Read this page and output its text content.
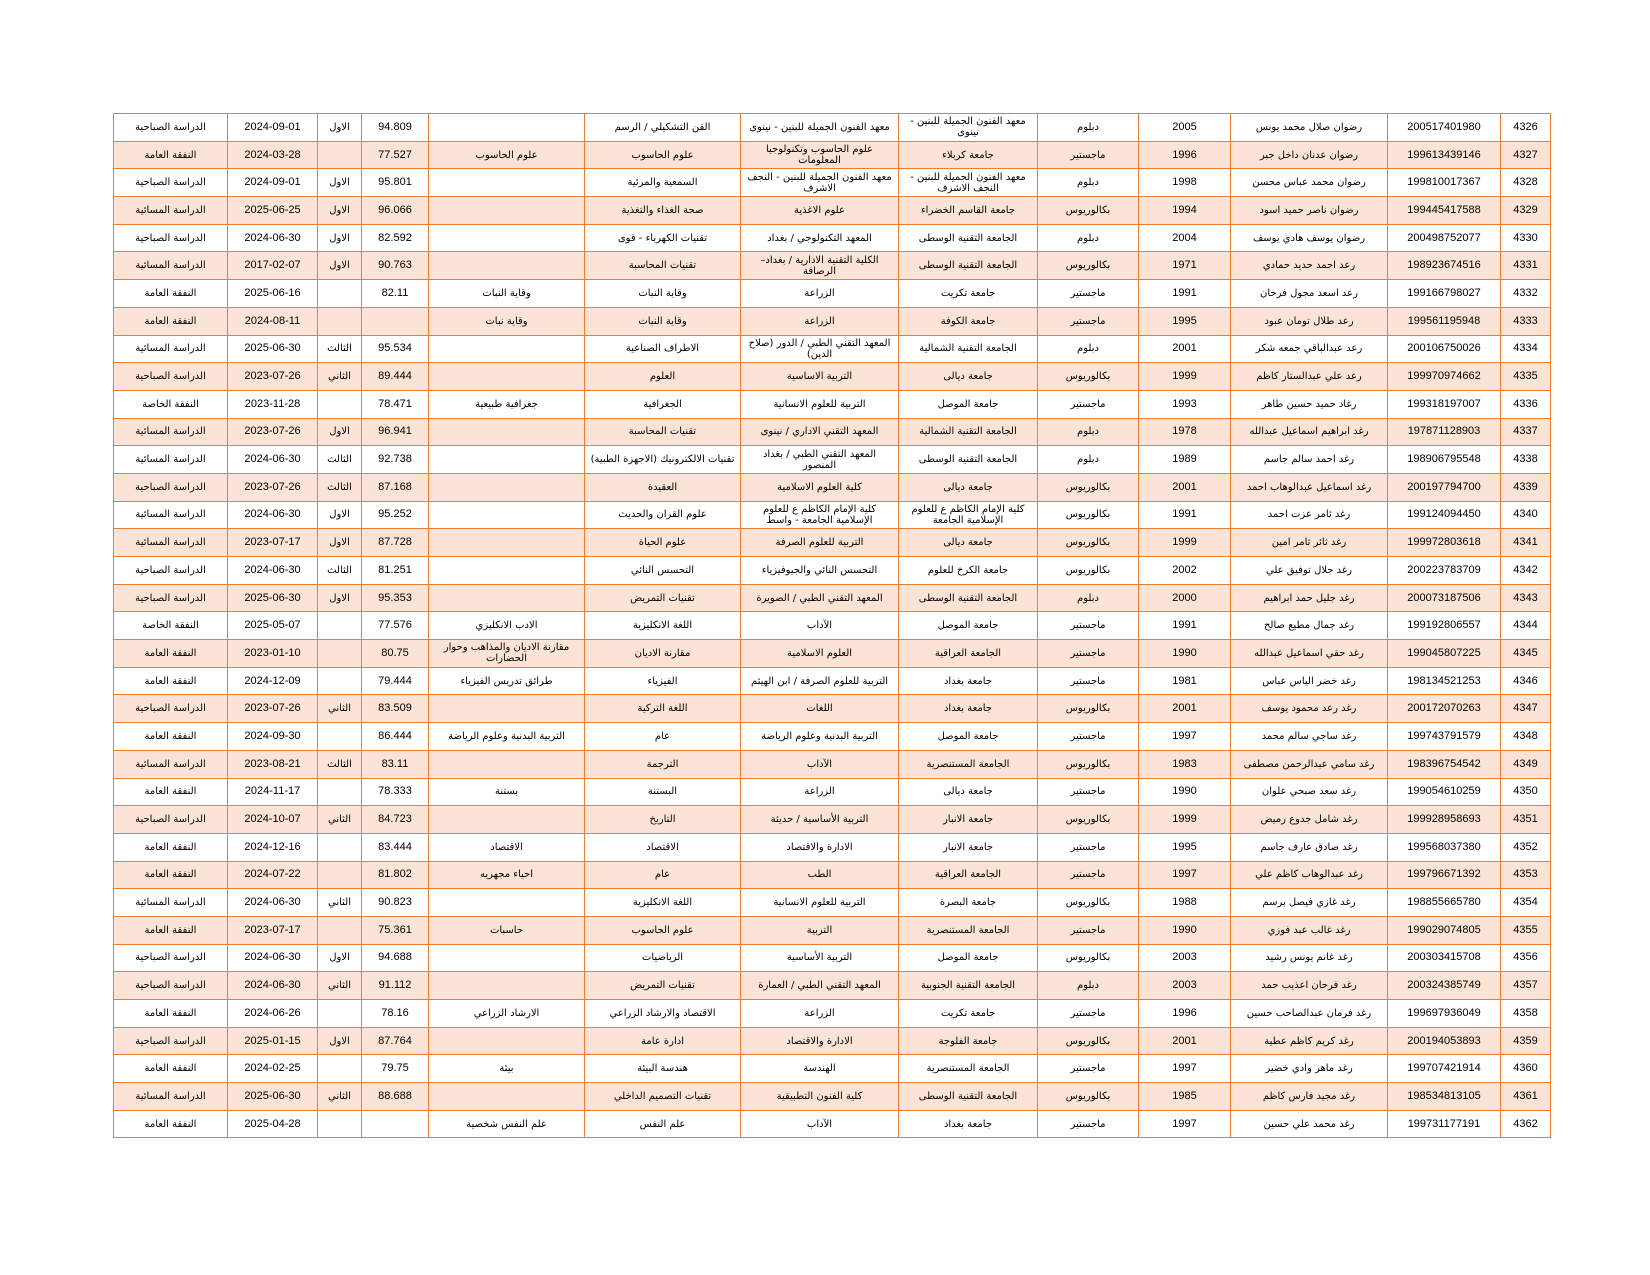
4326	200517401980	رضوان صلال محمد يونس	2005	دبلوم	معهد الفنون الجميلة للبنين - نينوى	معهد الفنون الجميلة للبنين - نينوى	الفن التشكيلي / الرسم		94.809	الاول	2024-09-01	الدراسة الصباحية
4327	199613439146	رضوان عدنان داخل جبر	1996	ماجستير	جامعة كربلاء	علوم الحاسوب وتكنولوجيا المعلومات	علوم الحاسوب	علوم الحاسوب	77.527		2024-03-28	النفقة العامة
4328	199810017367	رضوان محمد عباس محسن	1998	دبلوم	معهد الفنون الجميلة للبنين - النجف الاشرف	معهد الفنون الجميلة للبنين - النجف الاشرف	السمعية والمرئية		95.801	الاول	2024-09-01	الدراسة الصباحية
4329	199445417588	رضوان ناصر حميد اسود	1994	بكالوريوس	جامعة القاسم الخضراء	علوم الاغذية	صحة الغذاء والتغذية		96.066	الاول	2025-06-25	الدراسة المسائية
4330	200498752077	رضوان يوسف هادي يوسف	2004	دبلوم	الجامعة التقنية الوسطى	المعهد التكنولوجي / بغداد	تقنيات الكهرباء - قوى		82.592	الاول	2024-06-30	الدراسة الصباحية
4331	198923674516	رعد احمد حديد حمادي	1971	بكالوريوس	الجامعة التقنية الوسطى	الكلية التقنية الادارية / بغداد– الرصافة	تقنيات المحاسبة		90.763	الاول	2017-02-07	الدراسة المسائية
4332	199166798027	رعد اسعد مجول فرحان	1991	ماجستير	جامعة تكريت	الزراعة	وقاية النبات	وقاية النبات	82.11		2025-06-16	النفقة العامة
4333	199561195948	رعد طلال تومان عبود	1995	ماجستير	جامعة الكوفة	الزراعة	وقاية النبات	وقاية نبات			2024-08-11	النفقة العامة
4334	200106750026	رعد عبدالباقي جمعه شكر	2001	دبلوم	الجامعة التقنية الشمالية	المعهد التقني الطبي / الدور (صلاح الدين)	الاطراف الصناعية		95.534	الثالث	2025-06-30	الدراسة المسائية
4335	199970974662	رعد علي عبدالستار كاظم	1999	بكالوريوس	جامعة ديالى	التربية الاساسية	العلوم		89.444	الثاني	2023-07-26	الدراسة الصباحية
4336	199318197007	رغاد حميد حسين طاهر	1993	ماجستير	جامعة الموصل	التربية للعلوم الانسانية	الجغرافية	جغرافية طبيعية	78.471		2023-11-28	النفقة الخاصة
4337	197871128903	رغد ابراهيم اسماعيل عبدالله	1978	دبلوم	الجامعة التقنية الشمالية	المعهد التقني الاداري / نينوى	تقنيات المحاسبة		96.941	الاول	2023-07-26	الدراسة المسائية
4338	198906795548	رغد احمد سالم جاسم	1989	دبلوم	الجامعة التقنية الوسطى	المعهد التقني الطبي / بغداد المنصور	تقنيات الالكترونيك (الاجهزة الطبية)		92.738	الثالث	2024-06-30	الدراسة المسائية
4339	200197794700	رغد اسماعيل عبدالوهاب احمد	2001	بكالوريوس	جامعة ديالى	كلية العلوم الاسلامية	العقيدة		87.168	الثالث	2023-07-26	الدراسة الصباحية
4340	199124094450	رغد ثامر عزت احمد	1991	بكالوريوس	كلية الإمام الكاظم ع للعلوم الإسلامية الجامعة	كلية الإمام الكاظم ع للعلوم الإسلامية الجامعة - واسط	علوم القران والحديث		95.252	الاول	2024-06-30	الدراسة المسائية
4341	199972803618	رغد ثائر ثامر امين	1999	بكالوريوس	جامعة ديالى	التربية للعلوم الصرفة	علوم الحياة		87.728	الاول	2023-07-17	الدراسة المسائية
4342	200223783709	رغد جلال توفيق علي	2002	بكالوريوس	جامعة الكرخ للعلوم	التحسس النائي والجيوفيزياء	التحسس النائي		81.251	الثالث	2024-06-30	الدراسة الصباحية
4343	200073187506	رغد جليل حمد ابراهيم	2000	دبلوم	الجامعة التقنية الوسطى	المعهد التقني الطبي / الصويرة	تقنيات التمريض		95.353	الاول	2025-06-30	الدراسة الصباحية
4344	199192806557	رغد جمال مطيع صالح	1991	ماجستير	جامعة الموصل	الآداب	اللغة الانكليزية	الادب الانكليزي	77.576		2025-05-07	النفقة الخاصة
4345	199045807225	رغد حقي اسماعيل عبدالله	1990	ماجستير	الجامعة العراقية	العلوم الاسلامية	مقارنة الاديان	مقارنة الاديان والمذاهب وحوار الحضارات	80.75		2023-01-10	النفقة العامة
4346	198134521253	رغد خضر الياس عباس	1981	ماجستير	جامعة بغداد	التربية للعلوم الصرفة / ابن الهيثم	الفيزياء	طرائق تدريس الفيزياء	79.444		2024-12-09	النفقة العامة
4347	200172070263	رغد رعد محمود يوسف	2001	بكالوريوس	جامعة بغداد	اللغات	اللغة التركية		83.509	الثاني	2023-07-26	الدراسة الصباحية
4348	199743791579	رغد ساجي سالم محمد	1997	ماجستير	جامعة الموصل	التربية البدنية وعلوم الرياضة	عام	التربية البدنية وعلوم الرياضة	86.444		2024-09-30	النفقة العامة
4349	198396754542	رغد سامي عبدالرحمن مصطفى	1983	بكالوريوس	الجامعة المستنصرية	الآداب	الترجمة		83.11	الثالث	2023-08-21	الدراسة المسائية
4350	199054610259	رغد سعد صبحي علوان	1990	ماجستير	جامعة ديالى	الزراعة	البستنة	بستنة	78.333		2024-11-17	النفقة العامة
4351	199928958693	رغد شامل جدوع رميض	1999	بكالوريوس	جامعة الانبار	التربية الأساسية / حديثة	التاريخ		84.723	الثاني	2024-10-07	الدراسة الصباحية
4352	199568037380	رغد صادق عارف جاسم	1995	ماجستير	جامعة الانبار	الادارة والاقتصاد	الاقتصاد	الاقتصاد	83.444		2024-12-16	النفقة العامة
4353	199796671392	رغد عبدالوهاب كاظم علي	1997	ماجستير	الجامعة العراقية	الطب	عام	احياء مجهريه	81.802		2024-07-22	النفقة العامة
4354	198855665780	رغد غازي فيصل برسم	1988	بكالوريوس	جامعة البصرة	التربية للعلوم الانسانية	اللغة الانكليزية		90.823	الثاني	2024-06-30	الدراسة المسائية
4355	199029074805	رغد غالب عبد فوزي	1990	ماجستير	الجامعة المستنصرية	التربية	علوم الحاسوب	حاسبات	75.361		2023-07-17	النفقة العامة
4356	200303415708	رغد غانم يونس رشيد	2003	بكالوريوس	جامعة الموصل	التربية الأساسية	الرياضيات		94.688	الاول	2024-06-30	الدراسة الصباحية
4357	200324385749	رغد فرحان اعذيب حمد	2003	دبلوم	الجامعة التقنية الجنوبية	المعهد التقني الطبي / العمارة	تقنيات التمريض		91.112	الثاني	2024-06-30	الدراسة الصباحية
4358	199697936049	رغد فرمان عبدالصاحب حسين	1996	ماجستير	جامعة تكريت	الزراعة	الاقتصاد والارشاد الزراعي	الارشاد الزراعي	78.16		2024-06-26	النفقة العامة
4359	200194053893	رغد كريم كاظم عطية	2001	بكالوريوس	جامعة الفلوجة	الادارة والاقتصاد	ادارة عامة		87.764	الاول	2025-01-15	الدراسة الصباحية
4360	199707421914	رغد ماهر وادي خضير	1997	ماجستير	الجامعة المستنصرية	الهندسة	هندسة البيئة	بيئة	79.75		2024-02-25	النفقة العامة
4361	198534813105	رغد مجيد فارس كاظم	1985	بكالوريوس	الجامعة التقنية الوسطى	كلية الفنون التطبيقية	تقنيات التصميم الداخلي		88.688	الثاني	2025-06-30	الدراسة المسائية
4362	199731177191	رغد محمد علي حسين	1997	ماجستير	جامعة بغداد	الآداب	علم النفس	علم النفس شخصية			2025-04-28	النفقة العامة
